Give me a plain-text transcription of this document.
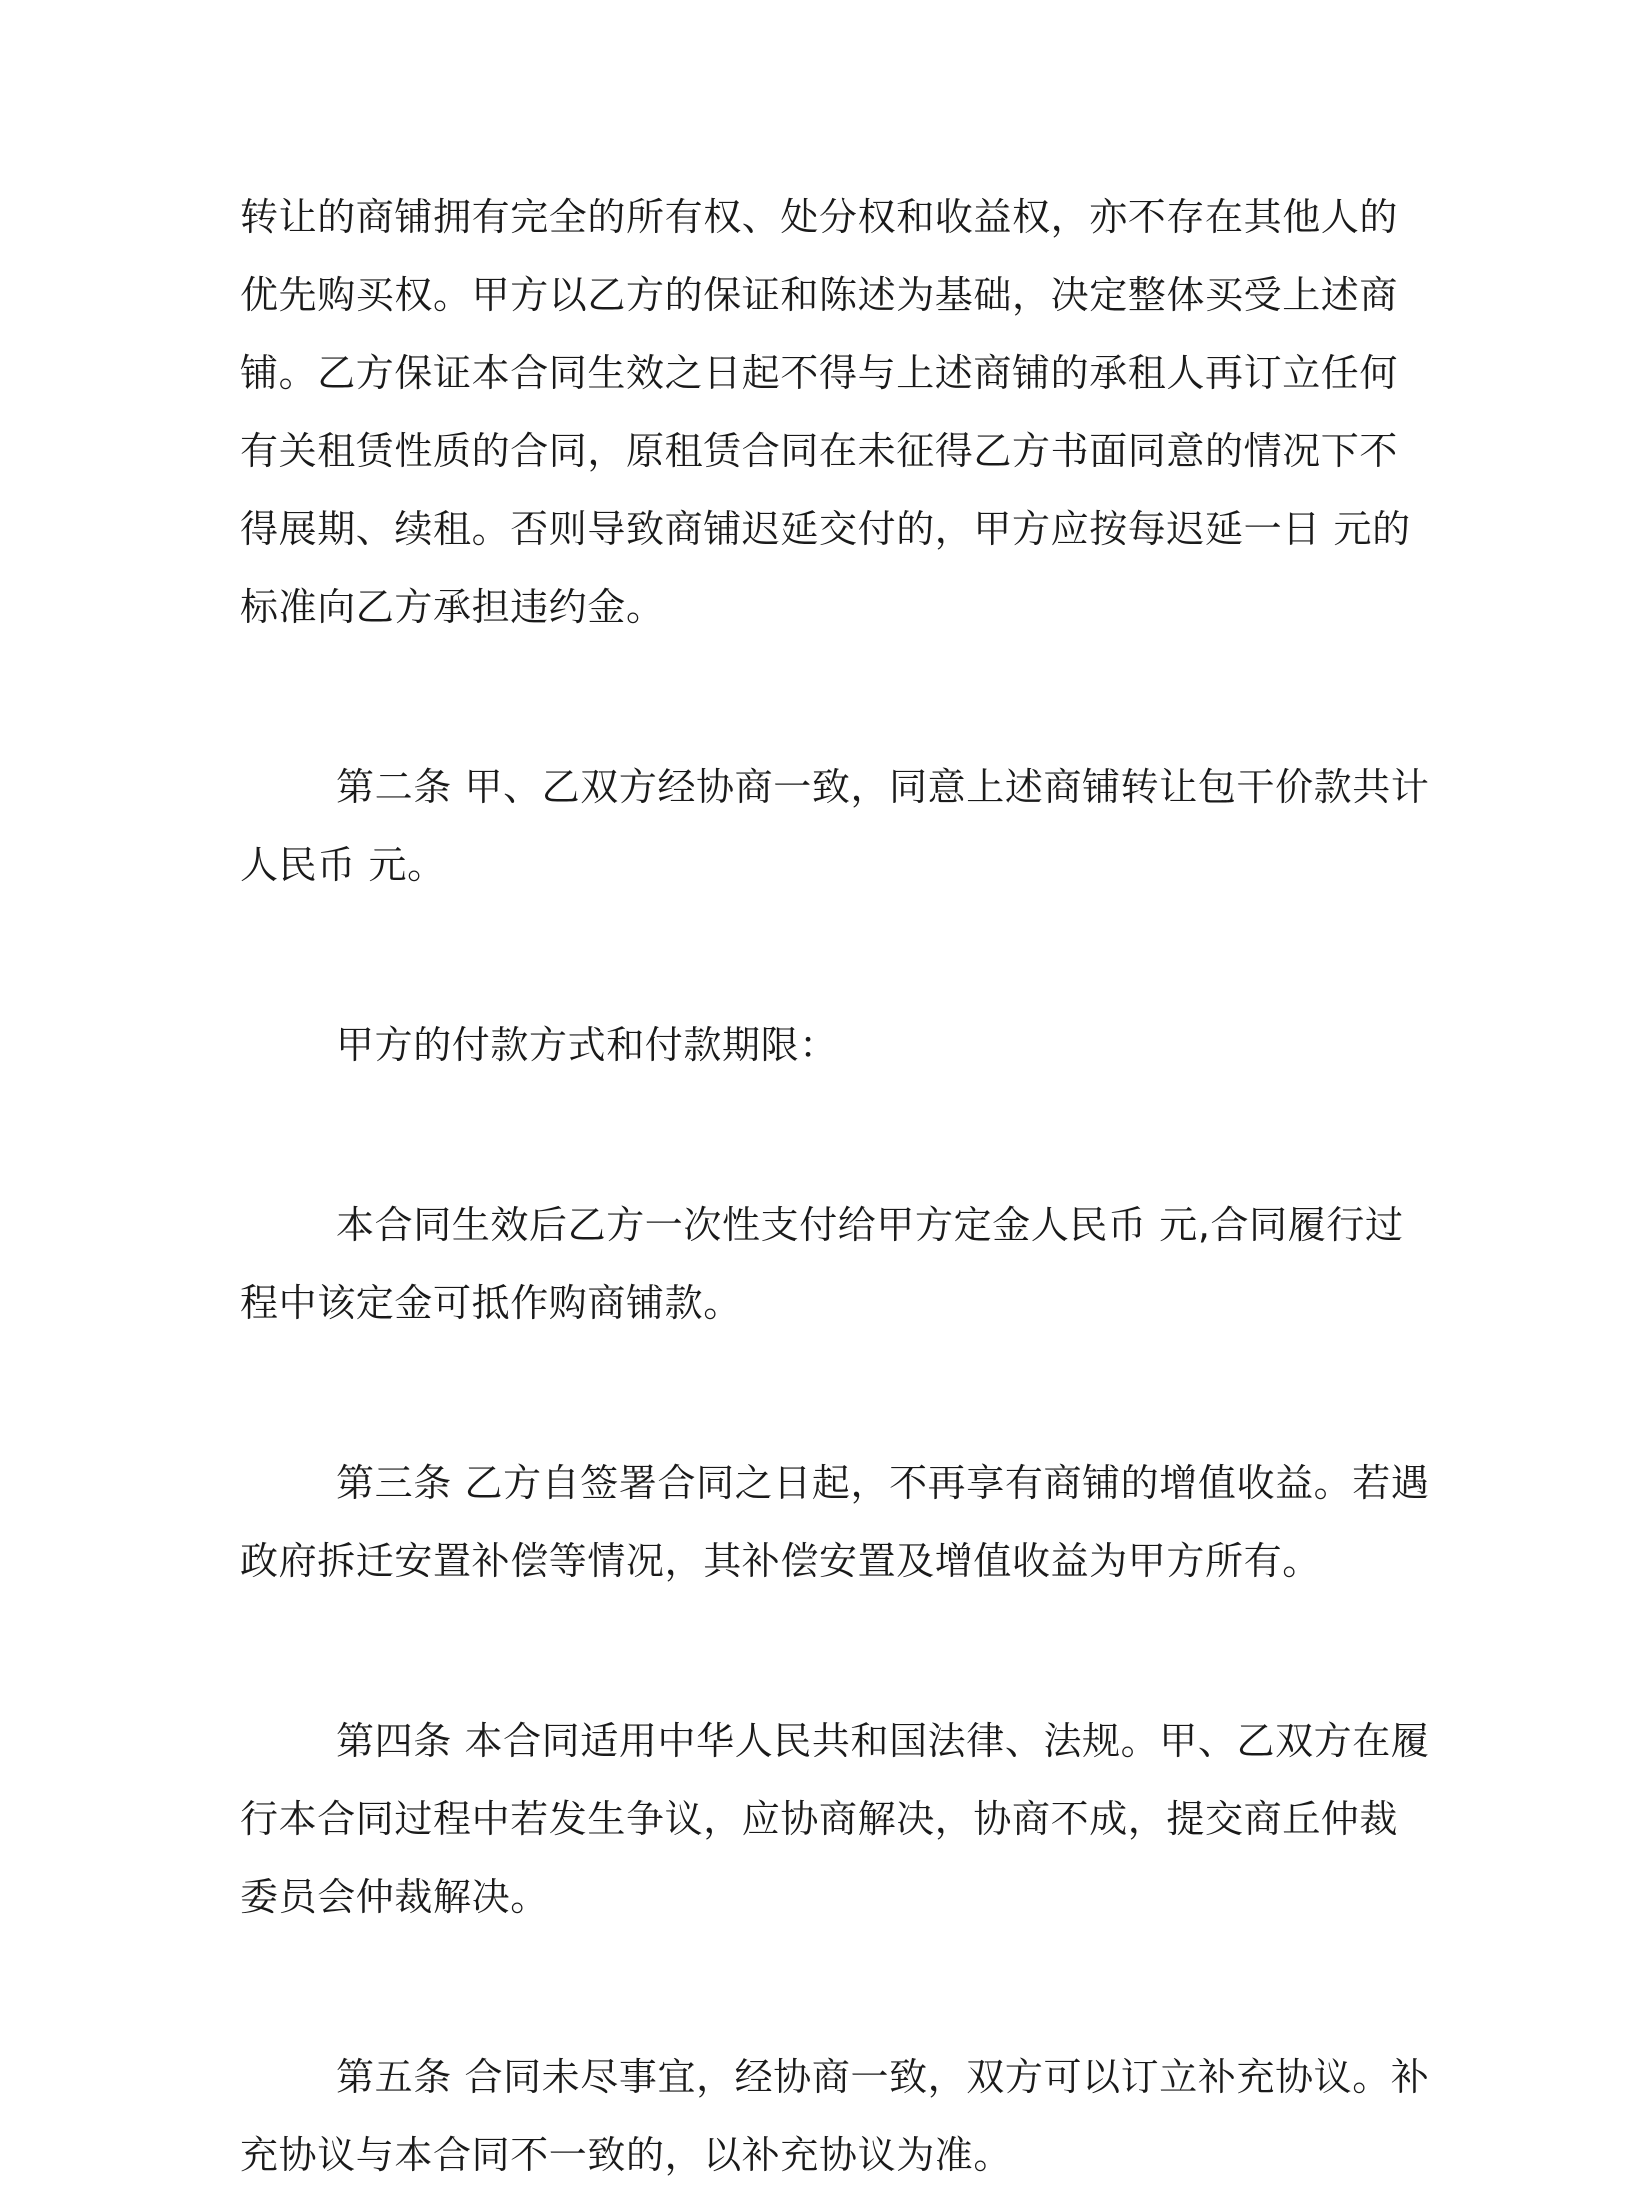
转让的商铺拥有完全的所有权、处分权和收益权，亦不存在其他人的
优先购买权。甲方以乙方的保证和陈述为基础，决定整体买受上述商
铺。乙方保证本合同生效之日起不得与上述商铺的承租人再订立任何
有关租赁性质的合同，原租赁合同在未征得乙方书面同意的情况下不
得展期、续租。否则导致商铺迟延交付的，甲方应按每迟延一日 元的
标准向乙方承担违约金。
第二条 甲、乙双方经协商一致，同意上述商铺转让包干价款共计
人民币 元。
甲方的付款方式和付款期限：
本合同生效后乙方一次性支付给甲方定金人民币 元,合同履行过
程中该定金可抵作购商铺款。
第三条 乙方自签署合同之日起，不再享有商铺的增值收益。若遇
政府拆迁安置补偿等情况，其补偿安置及增值收益为甲方所有。
第四条 本合同适用中华人民共和国法律、法规。甲、乙双方在履
行本合同过程中若发生争议，应协商解决，协商不成，提交商丘仲裁
委员会仲裁解决。
第五条 合同未尽事宜，经协商一致，双方可以订立补充协议。补
充协议与本合同不一致的，以补充协议为准。
